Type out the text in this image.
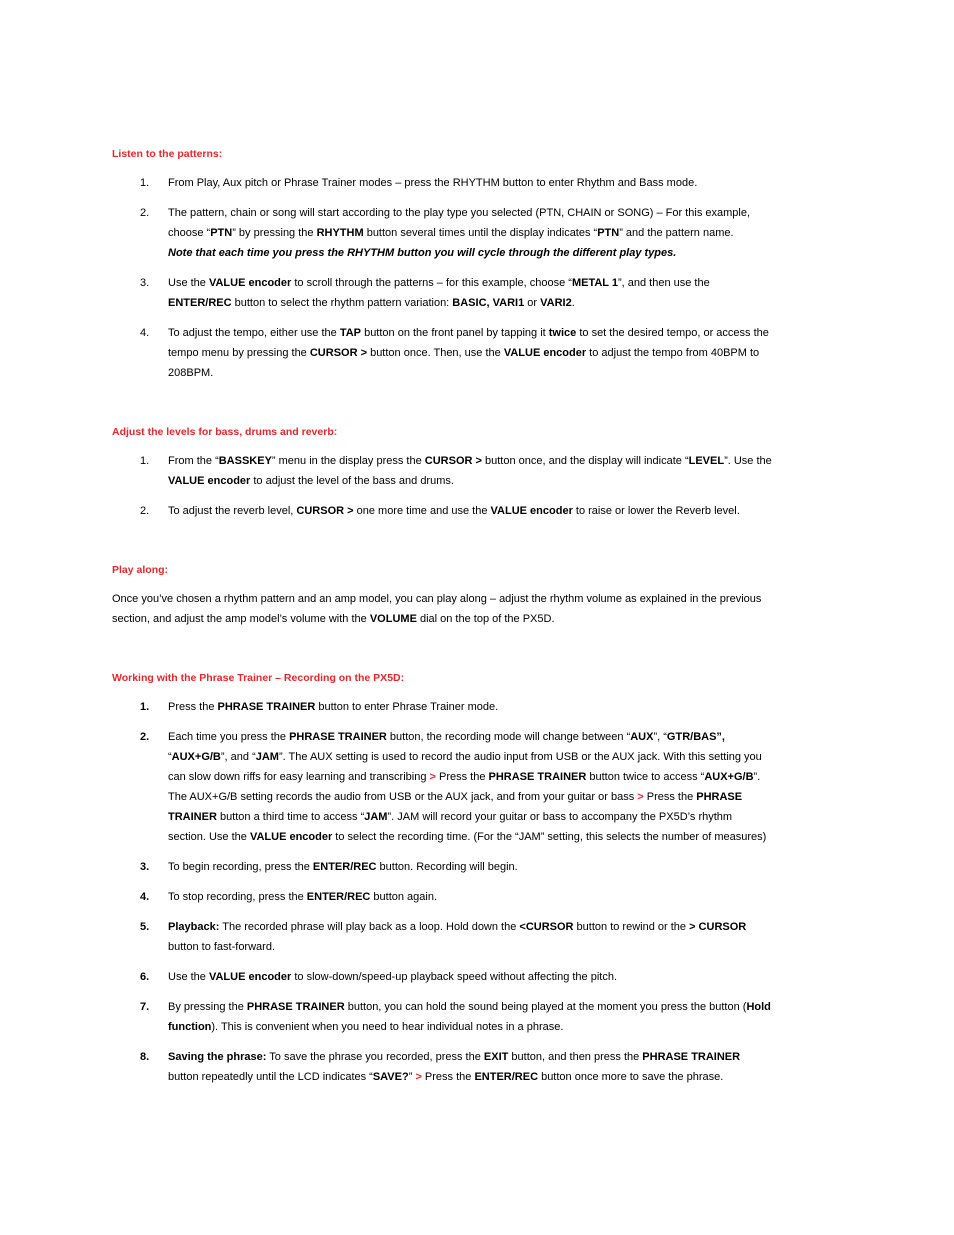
Listen to the patterns:

1. From Play, Aux pitch or Phrase Trainer modes – press the RHYTHM button to enter Rhythm and Bass mode.
2. The pattern, chain or song will start according to the play type you selected (PTN, CHAIN or SONG) – For this example, choose “PTN” by pressing the RHYTHM button several times until the display indicates “PTN” and the pattern name.
Note that each time you press the RHYTHM button you will cycle through the different play types.
3. Use the VALUE encoder to scroll through the patterns – for this example, choose “METAL 1”, and then use the ENTER/REC button to select the rhythm pattern variation: BASIC, VARI1 or VARI2.
4. To adjust the tempo, either use the TAP button on the front panel by tapping it twice to set the desired tempo, or access the tempo menu by pressing the CURSOR > button once. Then, use the VALUE encoder to adjust the tempo from 40BPM to 208BPM.

Adjust the levels for bass, drums and reverb:

1. From the “BASSKEY” menu in the display press the CURSOR > button once, and the display will indicate “LEVEL”. Use the VALUE encoder to adjust the level of the bass and drums.
2. To adjust the reverb level, CURSOR > one more time and use the VALUE encoder to raise or lower the Reverb level.

Play along:

Once you’ve chosen a rhythm pattern and an amp model, you can play along – adjust the rhythm volume as explained in the previous section, and adjust the amp model’s volume with the VOLUME dial on the top of the PX5D.

Working with the Phrase Trainer – Recording on the PX5D:

1. Press the PHRASE TRAINER button to enter Phrase Trainer mode.
2. Each time you press the PHRASE TRAINER button, the recording mode will change between “AUX”, “GTR/BAS”, “AUX+G/B”, and “JAM”. The AUX setting is used to record the audio input from USB or the AUX jack. With this setting you can slow down riffs for easy learning and transcribing > Press the PHRASE TRAINER button twice to access “AUX+G/B”. The AUX+G/B setting records the audio from USB or the AUX jack, and from your guitar or bass > Press the PHRASE TRAINER button a third time to access “JAM”. JAM will record your guitar or bass to accompany the PX5D’s rhythm section. Use the VALUE encoder to select the recording time. (For the “JAM” setting, this selects the number of measures)
3. To begin recording, press the ENTER/REC button. Recording will begin.
4. To stop recording, press the ENTER/REC button again.
5. Playback: The recorded phrase will play back as a loop. Hold down the <CURSOR button to rewind or the > CURSOR button to fast-forward.
6. Use the VALUE encoder to slow-down/speed-up playback speed without affecting the pitch.
7. By pressing the PHRASE TRAINER button, you can hold the sound being played at the moment you press the button (Hold function). This is convenient when you need to hear individual notes in a phrase.
8. Saving the phrase: To save the phrase you recorded, press the EXIT button, and then press the PHRASE TRAINER button repeatedly until the LCD indicates “SAVE?” > Press the ENTER/REC button once more to save the phrase.
